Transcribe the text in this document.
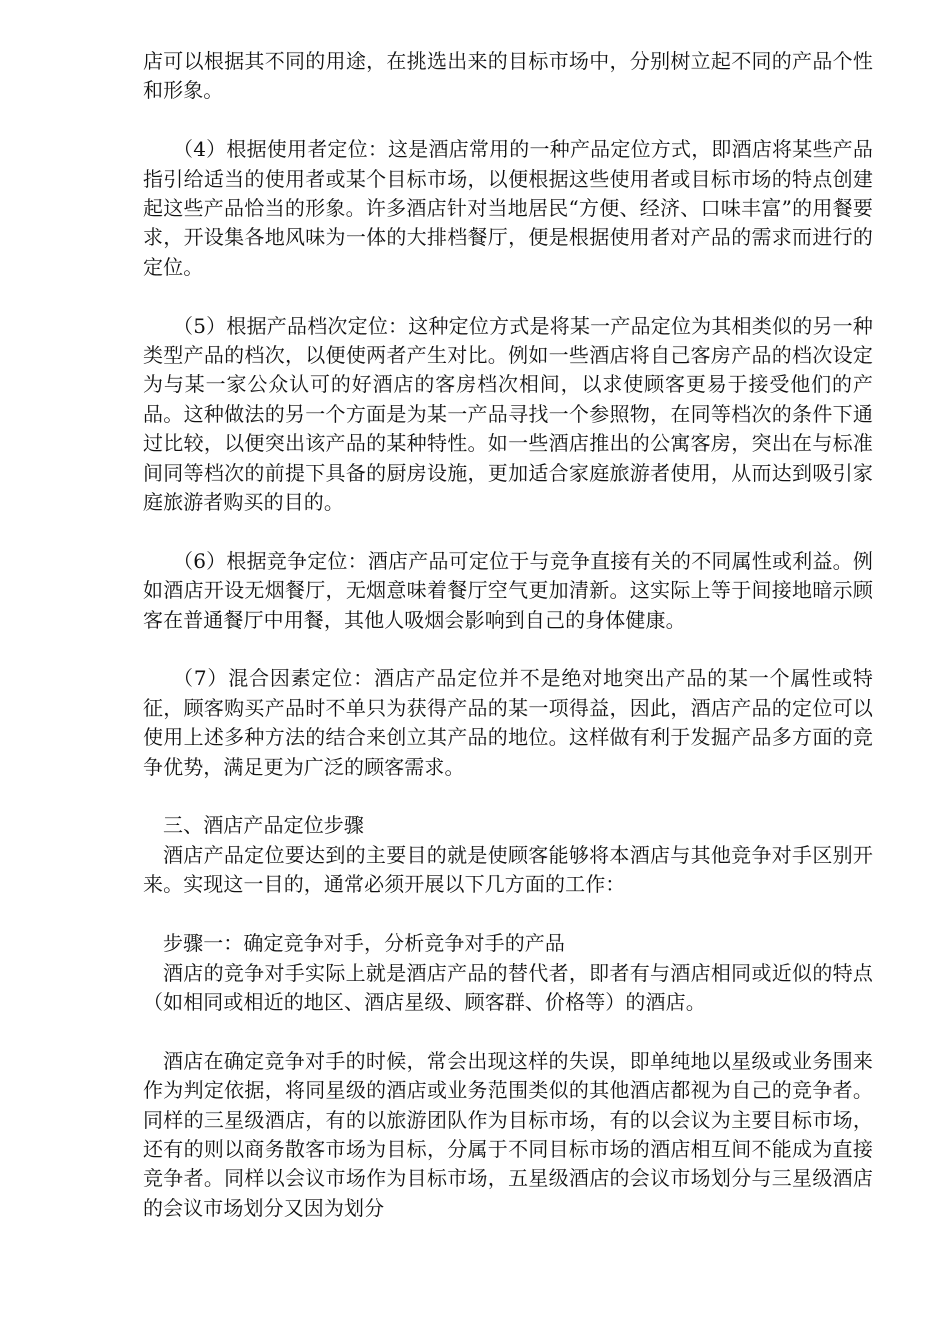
店可以根据其不同的用途，在挑选出来的目标市场中，分别树立起不同的产品个性和形象。

（4）根据使用者定位：这是酒店常用的一种产品定位方式，即酒店将某些产品指引给适当的使用者或某个目标市场，以便根据这些使用者或目标市场的特点创建起这些产品恰当的形象。许多酒店针对当地居民“方便、经济、口味丰富”的用餐要求，开设集各地风味为一体的大排档餐厅，便是根据使用者对产品的需求而进行的定位。

（5）根据产品档次定位：这种定位方式是将某一产品定位为其相类似的另一种类型产品的档次，以便使两者产生对比。例如一些酒店将自己客房产品的档次设定为与某一家公众认可的好酒店的客房档次相间，以求使顾客更易于接受他们的产品。这种做法的另一个方面是为某一产品寻找一个参照物，在同等档次的条件下通过比较，以便突出该产品的某种特性。如一些酒店推出的公寓客房，突出在与标准间同等档次的前提下具备的厨房设施，更加适合家庭旅游者使用，从而达到吸引家庭旅游者购买的目的。

（6）根据竞争定位：酒店产品可定位于与竞争直接有关的不同属性或利益。例如酒店开设无烟餐厅，无烟意味着餐厅空气更加清新。这实际上等于间接地暗示顾客在普通餐厅中用餐，其他人吸烟会影响到自己的身体健康。

（7）混合因素定位：酒店产品定位并不是绝对地突出产品的某一个属性或特征，顾客购买产品时不单只为获得产品的某一项得益，因此，酒店产品的定位可以使用上述多种方法的结合来创立其产品的地位。这样做有利于发掘产品多方面的竞争优势，满足更为广泛的顾客需求。

三、酒店产品定位步骤

酒店产品定位要达到的主要目的就是使顾客能够将本酒店与其他竞争对手区别开来。实现这一目的，通常必须开展以下几方面的工作：

步骤一：确定竞争对手，分析竞争对手的产品

酒店的竞争对手实际上就是酒店产品的替代者，即者有与酒店相同或近似的特点（如相同或相近的地区、酒店星级、顾客群、价格等）的酒店。

酒店在确定竞争对手的时候，常会出现这样的失误，即单纯地以星级或业务围来作为判定依据，将同星级的酒店或业务范围类似的其他酒店都视为自己的竞争者。同样的三星级酒店，有的以旅游团队作为目标市场，有的以会议为主要目标市场，还有的则以商务散客市场为目标，分属于不同目标市场的酒店相互间不能成为直接竞争者。同样以会议市场作为目标市场，五星级酒店的会议市场划分与三星级酒店的会议市场划分又因为划分
